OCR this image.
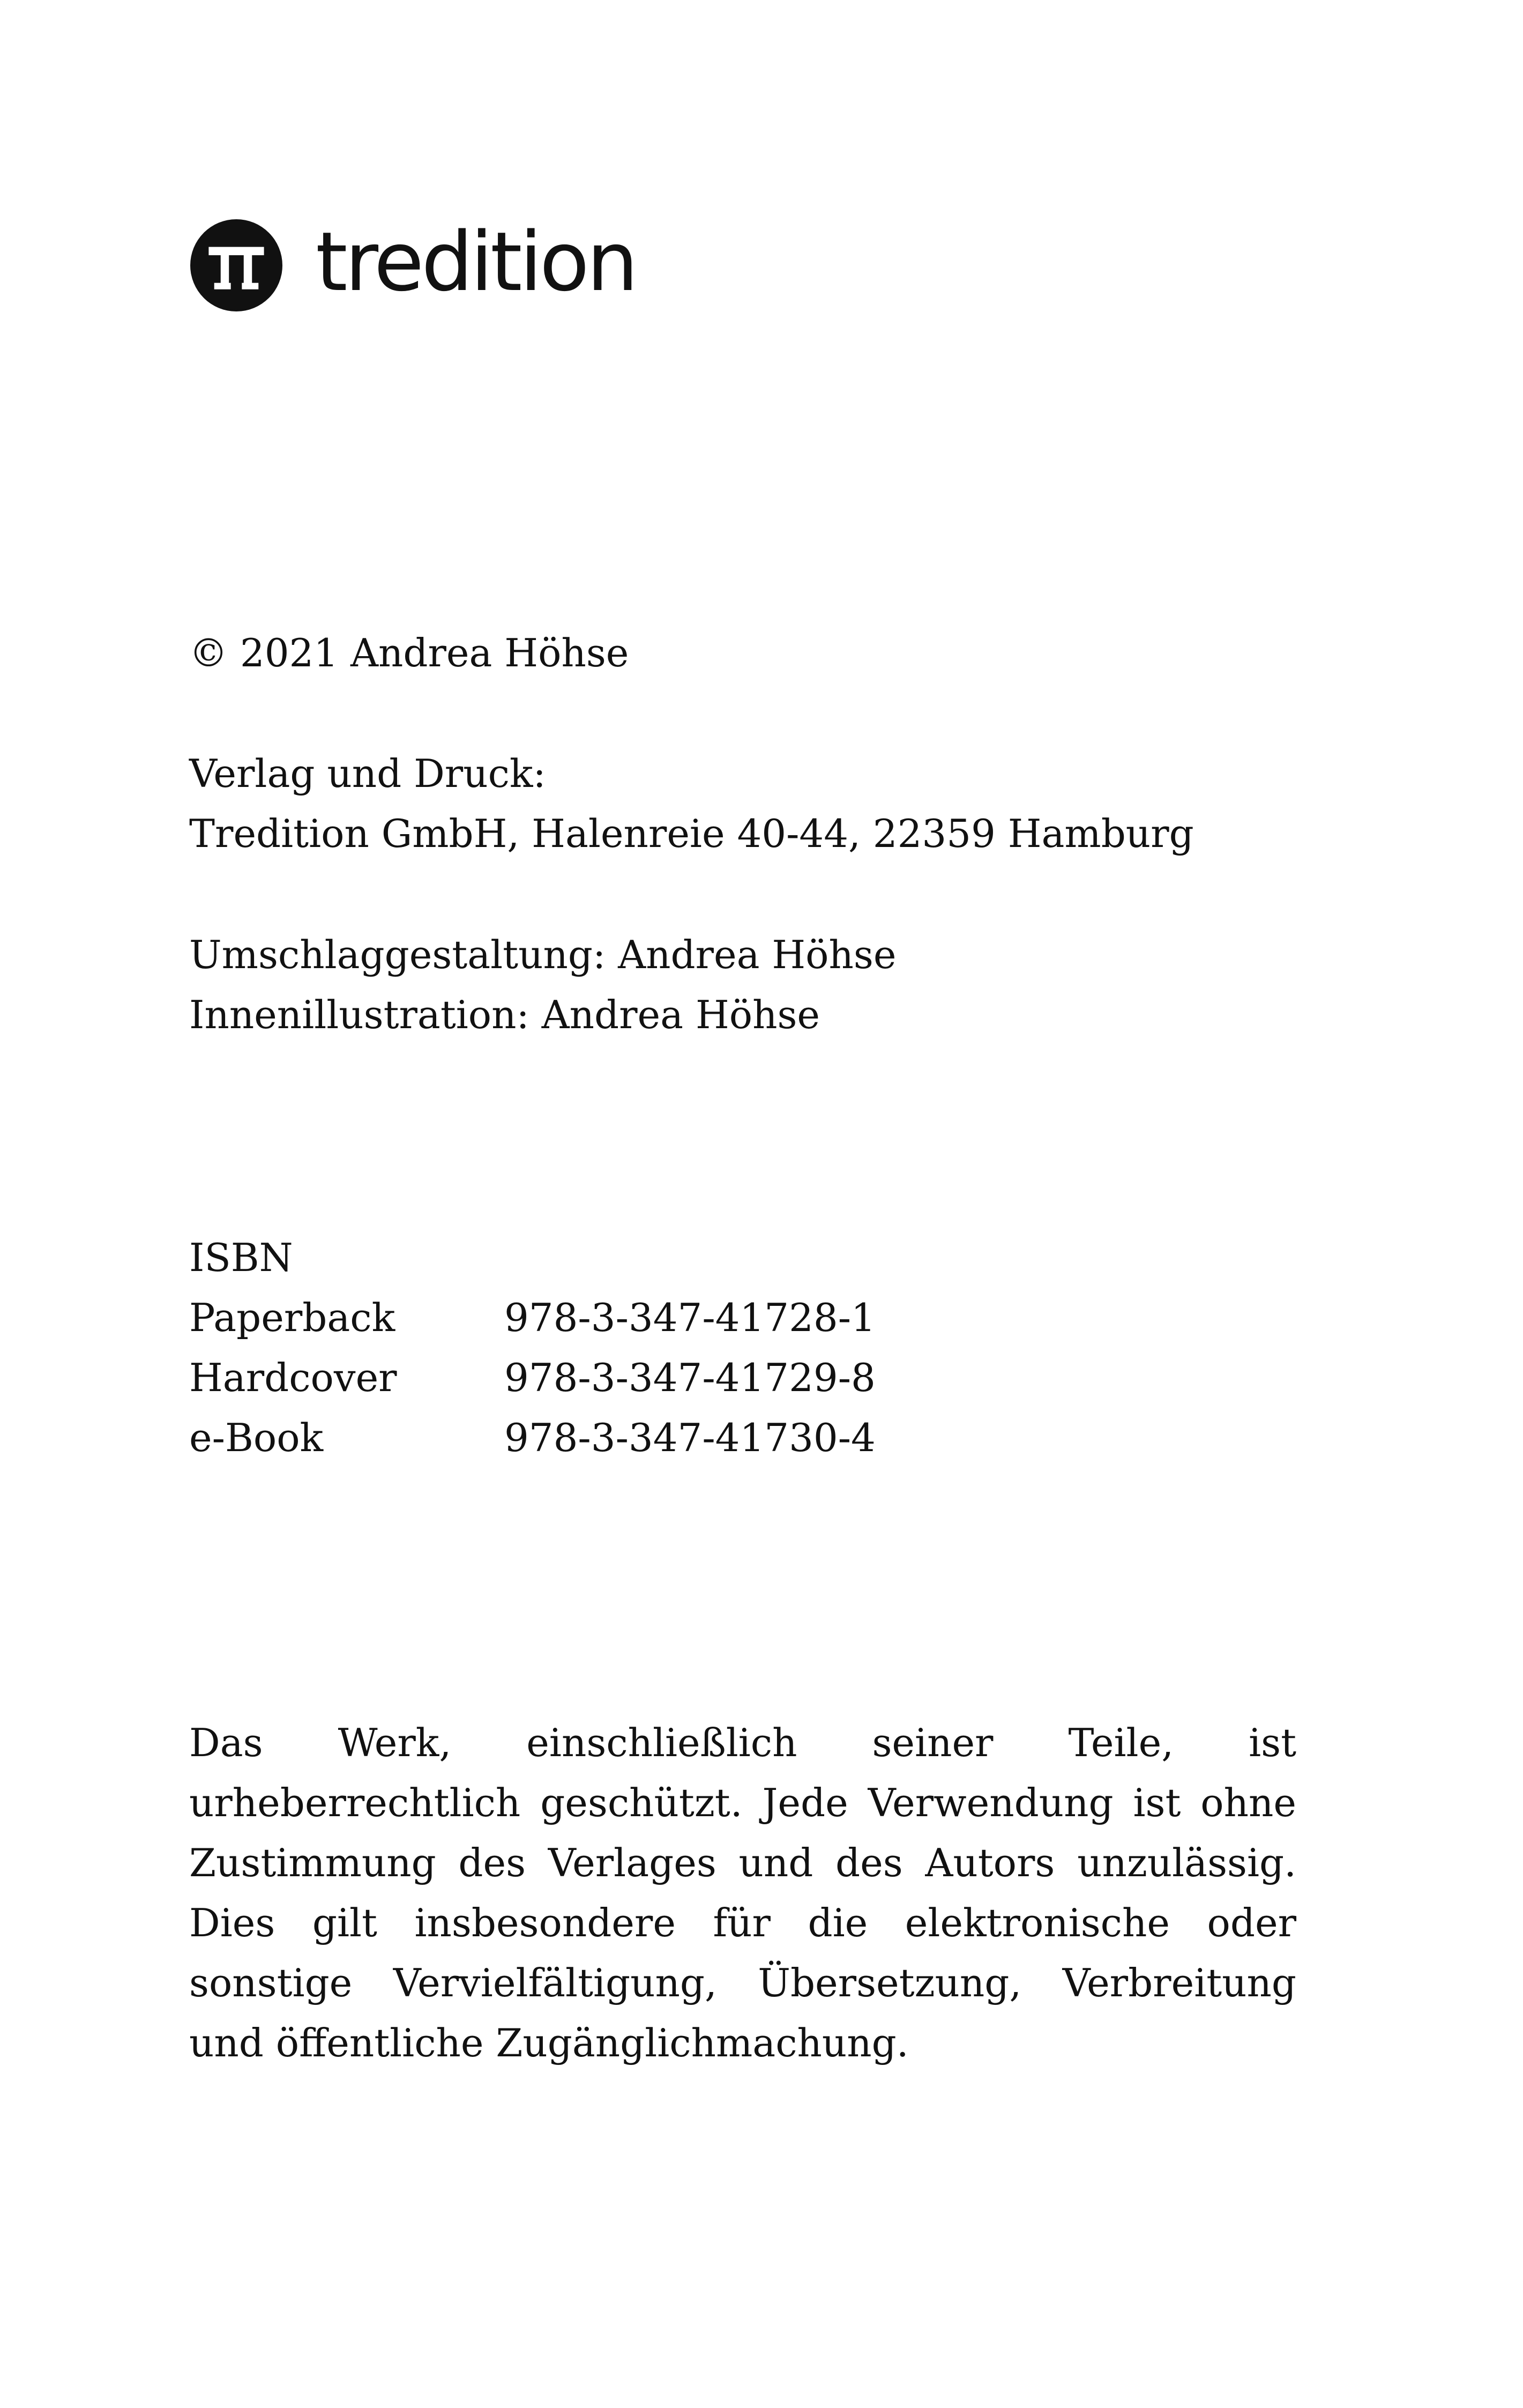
tredition
© 2021 Andrea Höhse
Verlag und Druck:
Tredition GmbH, Halenreie 40-44, 22359 Hamburg
Umschlaggestaltung: Andrea Höhse
Innenillustration: Andrea Höhse
ISBN
Paperback	978-3-347-41728-1
Hardcover	978-3-347-41729-8
e-Book	978-3-347-41730-4

Das Werk, einschließlich seiner Teile, ist urheberrechtlich geschützt. Jede Verwendung ist ohne Zustimmung des Verlages und des Autors unzulässig. Dies gilt insbesondere für die elektronische oder sonstige Vervielfältigung, Übersetzung, Verbreitung und öffentliche Zugänglichmachung.
